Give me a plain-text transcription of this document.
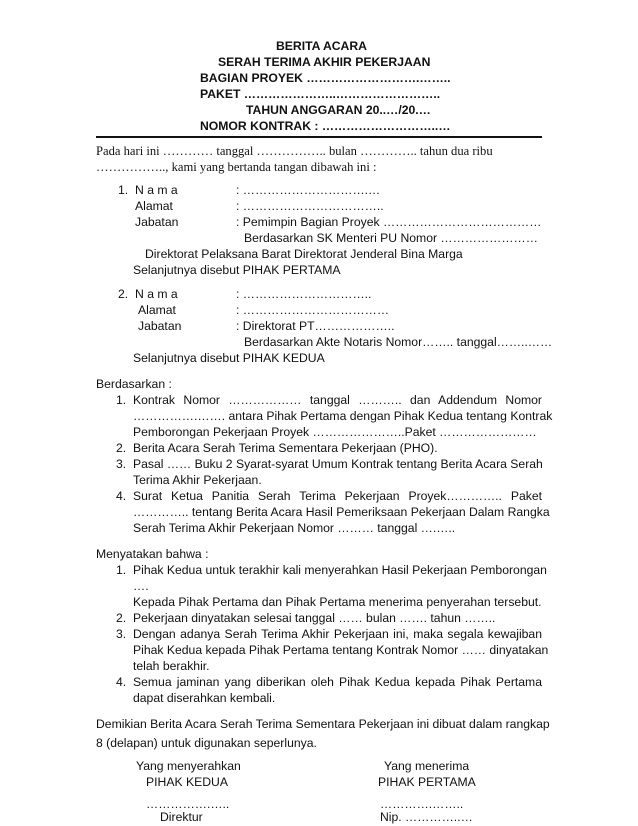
BERITA ACARA
SERAH TERIMA AKHIR PEKERJAAN
BAGIAN PROYEK ……………………….……..
PAKET …………………..……………………..
TAHUN ANGGARAN 20..…/20.…
NOMOR KONTRAK : ………………………..…
Pada hari ini ………… tanggal …………….. bulan ………….. tahun dua ribu
…………….., kami yang bertanda tangan dibawah ini :
1. N a m a	: ………………………….…
Alamat	: ……………………………..
Jabatan	: Pemimpin Bagian Proyek …………………………………
Berdasarkan SK Menteri PU Nomor ……………………
Direktorat Pelaksana Barat Direktorat Jenderal Bina Marga
Selanjutnya disebut PIHAK PERTAMA
2. N a m a	: …………………………..
Alamat	: ………………………………
Jabatan	: Direktorat PT………………..
Berdasarkan Akte Notaris Nomor…….. tanggal……..……
Selanjutnya disebut PIHAK KEDUA
Berdasarkan :
1. Kontrak Nomor ……………… tanggal ……….. dan Addendum Nomor
…………….……. antara Pihak Pertama dengan Pihak Kedua tentang Kontrak
Pemborongan Pekerjaan Proyek …………………..Paket ……………………
2. Berita Acara Serah Terima Sementara Pekerjaan (PHO).
3. Pasal …… Buku 2 Syarat-syarat Umum Kontrak tentang Berita Acara Serah
Terima Akhir Pekerjaan.
4. Surat Ketua Panitia Serah Terima Pekerjaan Proyek………….. Paket
………….. tentang Berita Acara Hasil Pemeriksaan Pekerjaan Dalam Rangka
Serah Terima Akhir Pekerjaan Nomor ……… tanggal ….…..
Menyatakan bahwa :
1. Pihak Kedua untuk terakhir kali menyerahkan Hasil Pekerjaan Pemborongan
….
Kepada Pihak Pertama dan Pihak Pertama menerima penyerahan tersebut.
2. Pekerjaan dinyatakan selesai tanggal …… bulan ……. tahun ……..
3. Dengan adanya Serah Terima Akhir Pekerjaan ini, maka segala kewajiban
Pihak Kedua kepada Pihak Pertama tentang Kontrak Nomor …… dinyatakan
telah berakhir.
4. Semua jaminan yang diberikan oleh Pihak Kedua kepada Pihak Pertama
dapat diserahkan kembali.
Demikian Berita Acara Serah Terima Sementara Pekerjaan ini dibuat dalam rangkap
8 (delapan) untuk digunakan seperlunya.
Yang menyerahkan
PIHAK KEDUA
Yang menerima
PIHAK PERTAMA
…………….…..
Direktur
………….……..
Nip. …………..…
